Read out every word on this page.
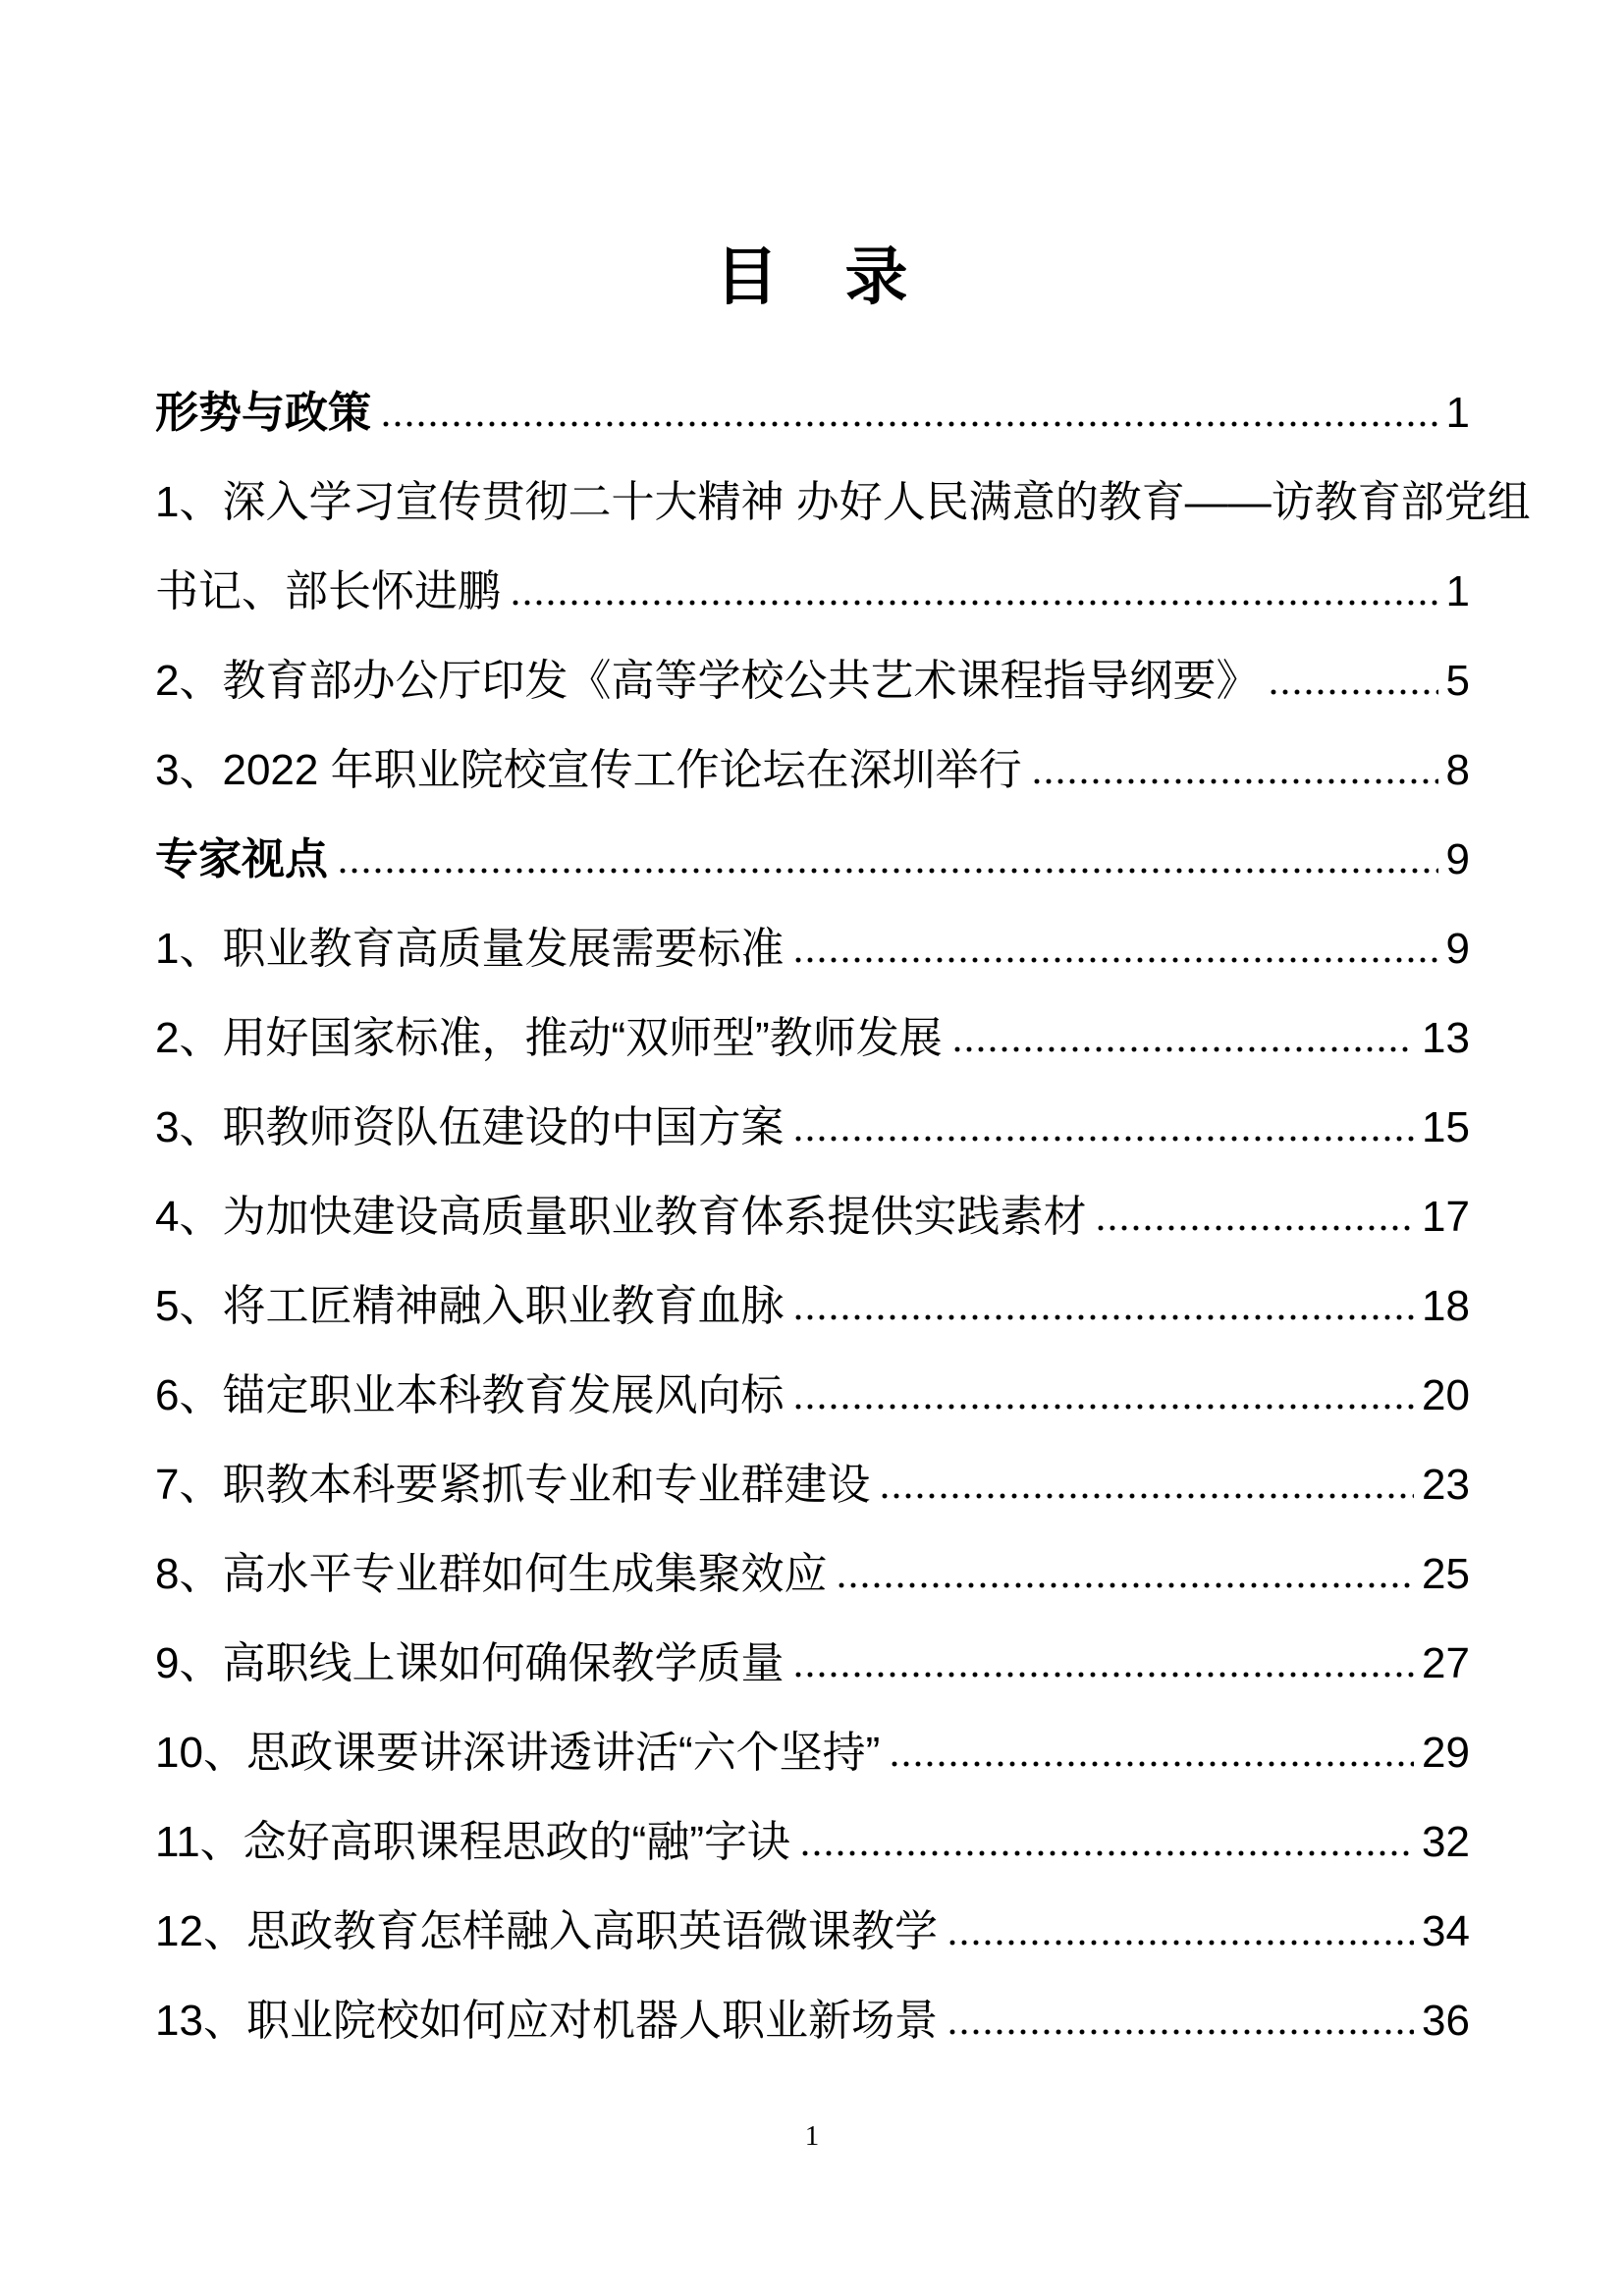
目　录
形势与政策	1
1、深入学习宣传贯彻二十大精神 办好人民满意的教育——访教育部党组
书记、部长怀进鹏	1
2、教育部办公厅印发《高等学校公共艺术课程指导纲要》	5
3、2022 年职业院校宣传工作论坛在深圳举行	8
专家视点	9
1、职业教育高质量发展需要标准	9
2、用好国家标准，推动“双师型”教师发展	13
3、职教师资队伍建设的中国方案	15
4、为加快建设高质量职业教育体系提供实践素材	17
5、将工匠精神融入职业教育血脉	18
6、锚定职业本科教育发展风向标	20
7、职教本科要紧抓专业和专业群建设	23
8、高水平专业群如何生成集聚效应	25
9、高职线上课如何确保教学质量	27
10、思政课要讲深讲透讲活“六个坚持”	29
11、念好高职课程思政的“融”字诀	32
12、思政教育怎样融入高职英语微课教学	34
13、职业院校如何应对机器人职业新场景	36
1
